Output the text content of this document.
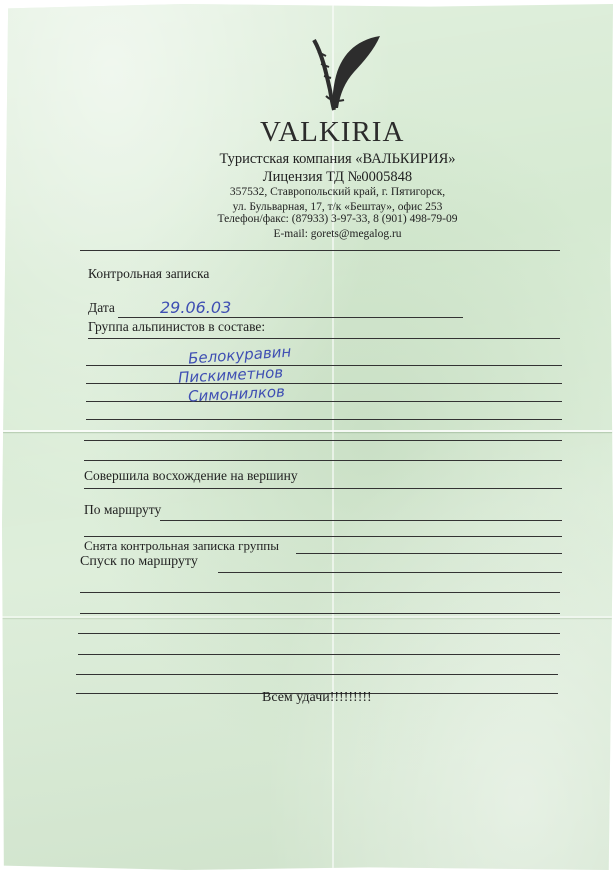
VALKIRIA
Туристская компания «ВАЛЬКИРИЯ»
Лицензия ТД №0005848
357532, Ставропольский край, г. Пятигорск,
ул. Бульварная, 17, т/к «Бештау», офис 253
Телефон/факс: (87933) 3-97-33, 8 (901) 498-79-09
E-mail: gorets@megalog.ru
Контрольная записка
Дата	29.06.03
Группа альпинистов в составе:
Белокуравин
Пискиметнов
Симонилков
Совершила восхождение на вершину
По маршруту
Снята контрольная записка группы
Спуск по маршруту
Всем удачи!!!!!!!!!
